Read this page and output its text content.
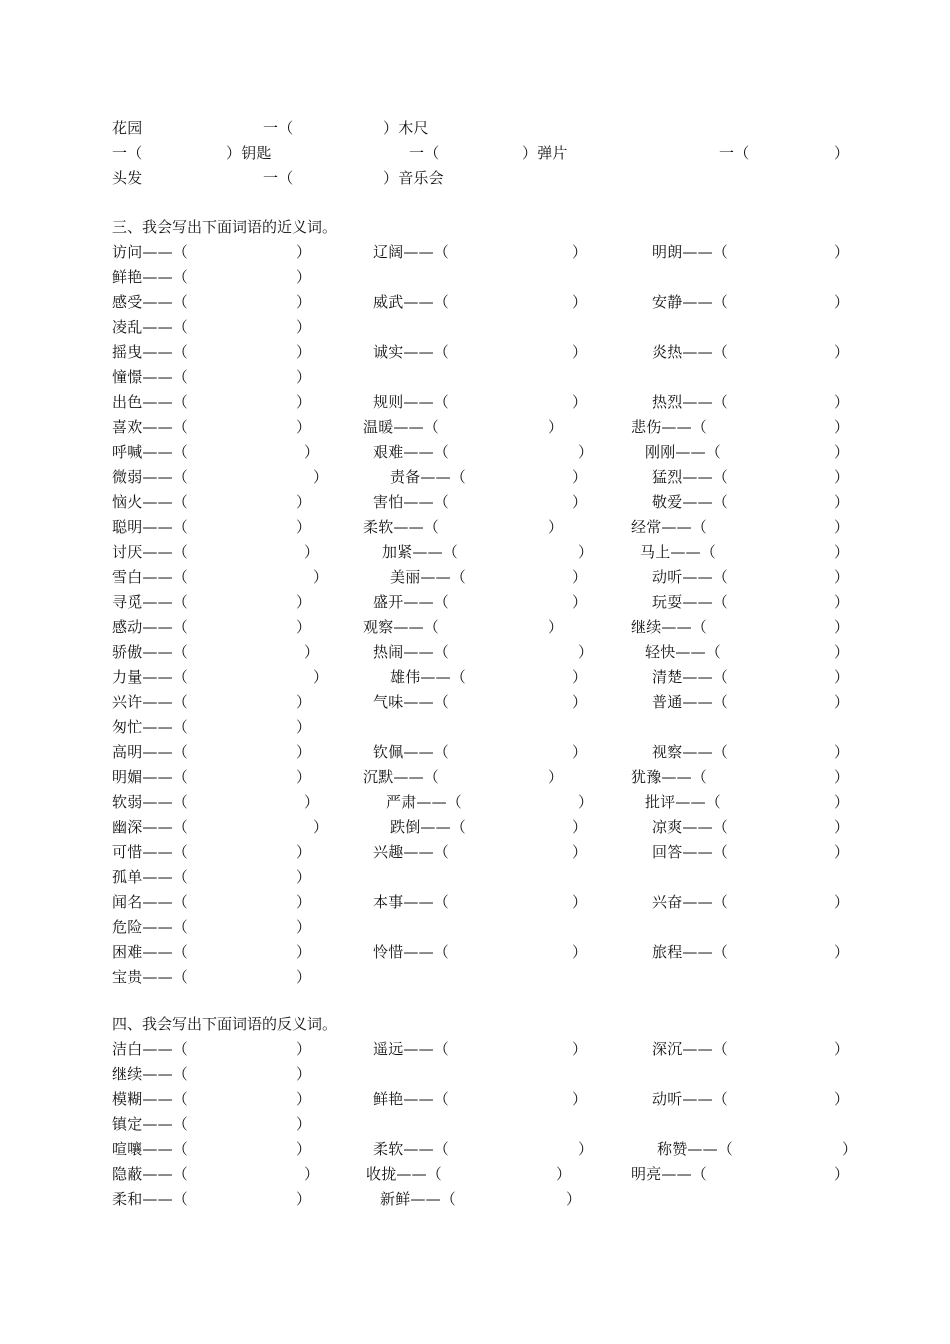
花园	一（	）木尺
一（	）钥匙	一（	）弹片	一（	）
头发	一（	）音乐会
三、我会写出下面词语的近义词。
访问——（	）	辽阔——（	）	明朗——（	）
鲜艳——（	）
感受——（	）	威武——（	）	安静——（	）
凌乱——（	）
摇曳——（	）	诚实——（	）	炎热——（	）
憧憬——（	）
出色——（	）	规则——（	）	热烈——（	）
喜欢——（	）	温暖——（	）	悲伤——（	）
呼喊——（	）	艰难——（	）	刚刚——（	）
微弱——（	）	责备——（	）	猛烈——（	）
恼火——（	）	害怕——（	）	敬爱——（	）
聪明——（	）	柔软——（	）	经常——（	）
讨厌——（	）	加紧——（	）	马上——（	）
雪白——（	）	美丽——（	）	动听——（	）
寻觅——（	）	盛开——（	）	玩耍——（	）
感动——（	）	观察——（	）	继续——（	）
骄傲——（	）	热闹——（	）	轻快——（	）
力量——（	）	雄伟——（	）	清楚——（	）
兴许——（	）	气味——（	）	普通——（	）
匆忙——（	）
高明——（	）	钦佩——（	）	视察——（	）
明媚——（	）	沉默——（	）	犹豫——（	）
软弱——（	）	严肃——（	）	批评——（	）
幽深——（	）	跌倒——（	）	凉爽——（	）
可惜——（	）	兴趣——（	）	回答——（	）
孤单——（	）
闻名——（	）	本事——（	）	兴奋——（	）
危险——（	）
困难——（	）	怜惜——（	）	旅程——（	）
宝贵——（	）
四、我会写出下面词语的反义词。
洁白——（	）	遥远——（	）	深沉——（	）
继续——（	）
模糊——（	）	鲜艳——（	）	动听——（	）
镇定——（	）
喧嚷——（	）	柔软——（	）	称赞——（	）
隐蔽——（	）	收拢——（	）	明亮——（	）
柔和——（	）	新鲜——（	）
